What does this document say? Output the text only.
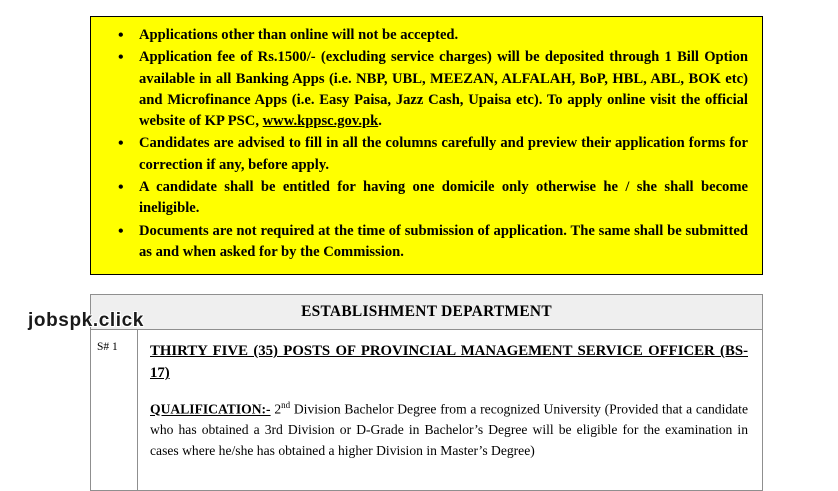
• Applications other than online will not be accepted.
• Application fee of Rs.1500/- (excluding service charges) will be deposited through 1 Bill Option available in all Banking Apps (i.e. NBP, UBL, MEEZAN, ALFALAH, BoP, HBL, ABL, BOK etc) and Microfinance Apps (i.e. Easy Paisa, Jazz Cash, Upaisa etc). To apply online visit the official website of KP PSC, www.kppsc.gov.pk.
• Candidates are advised to fill in all the columns carefully and preview their application forms for correction if any, before apply.
• A candidate shall be entitled for having one domicile only otherwise he / she shall become ineligible.
• Documents are not required at the time of submission of application. The same shall be submitted as and when asked for by the Commission.
jobspk.click	ESTABLISHMENT DEPARTMENT
S# 1	THIRTY FIVE (35) POSTS OF PROVINCIAL MANAGEMENT SERVICE OFFICER (BS-17)

QUALIFICATION:- 2nd Division Bachelor Degree from a recognized University (Provided that a candidate who has obtained a 3rd Division or D-Grade in Bachelor’s Degree will be eligible for the examination in cases where he/she has obtained a higher Division in Master’s Degree)
